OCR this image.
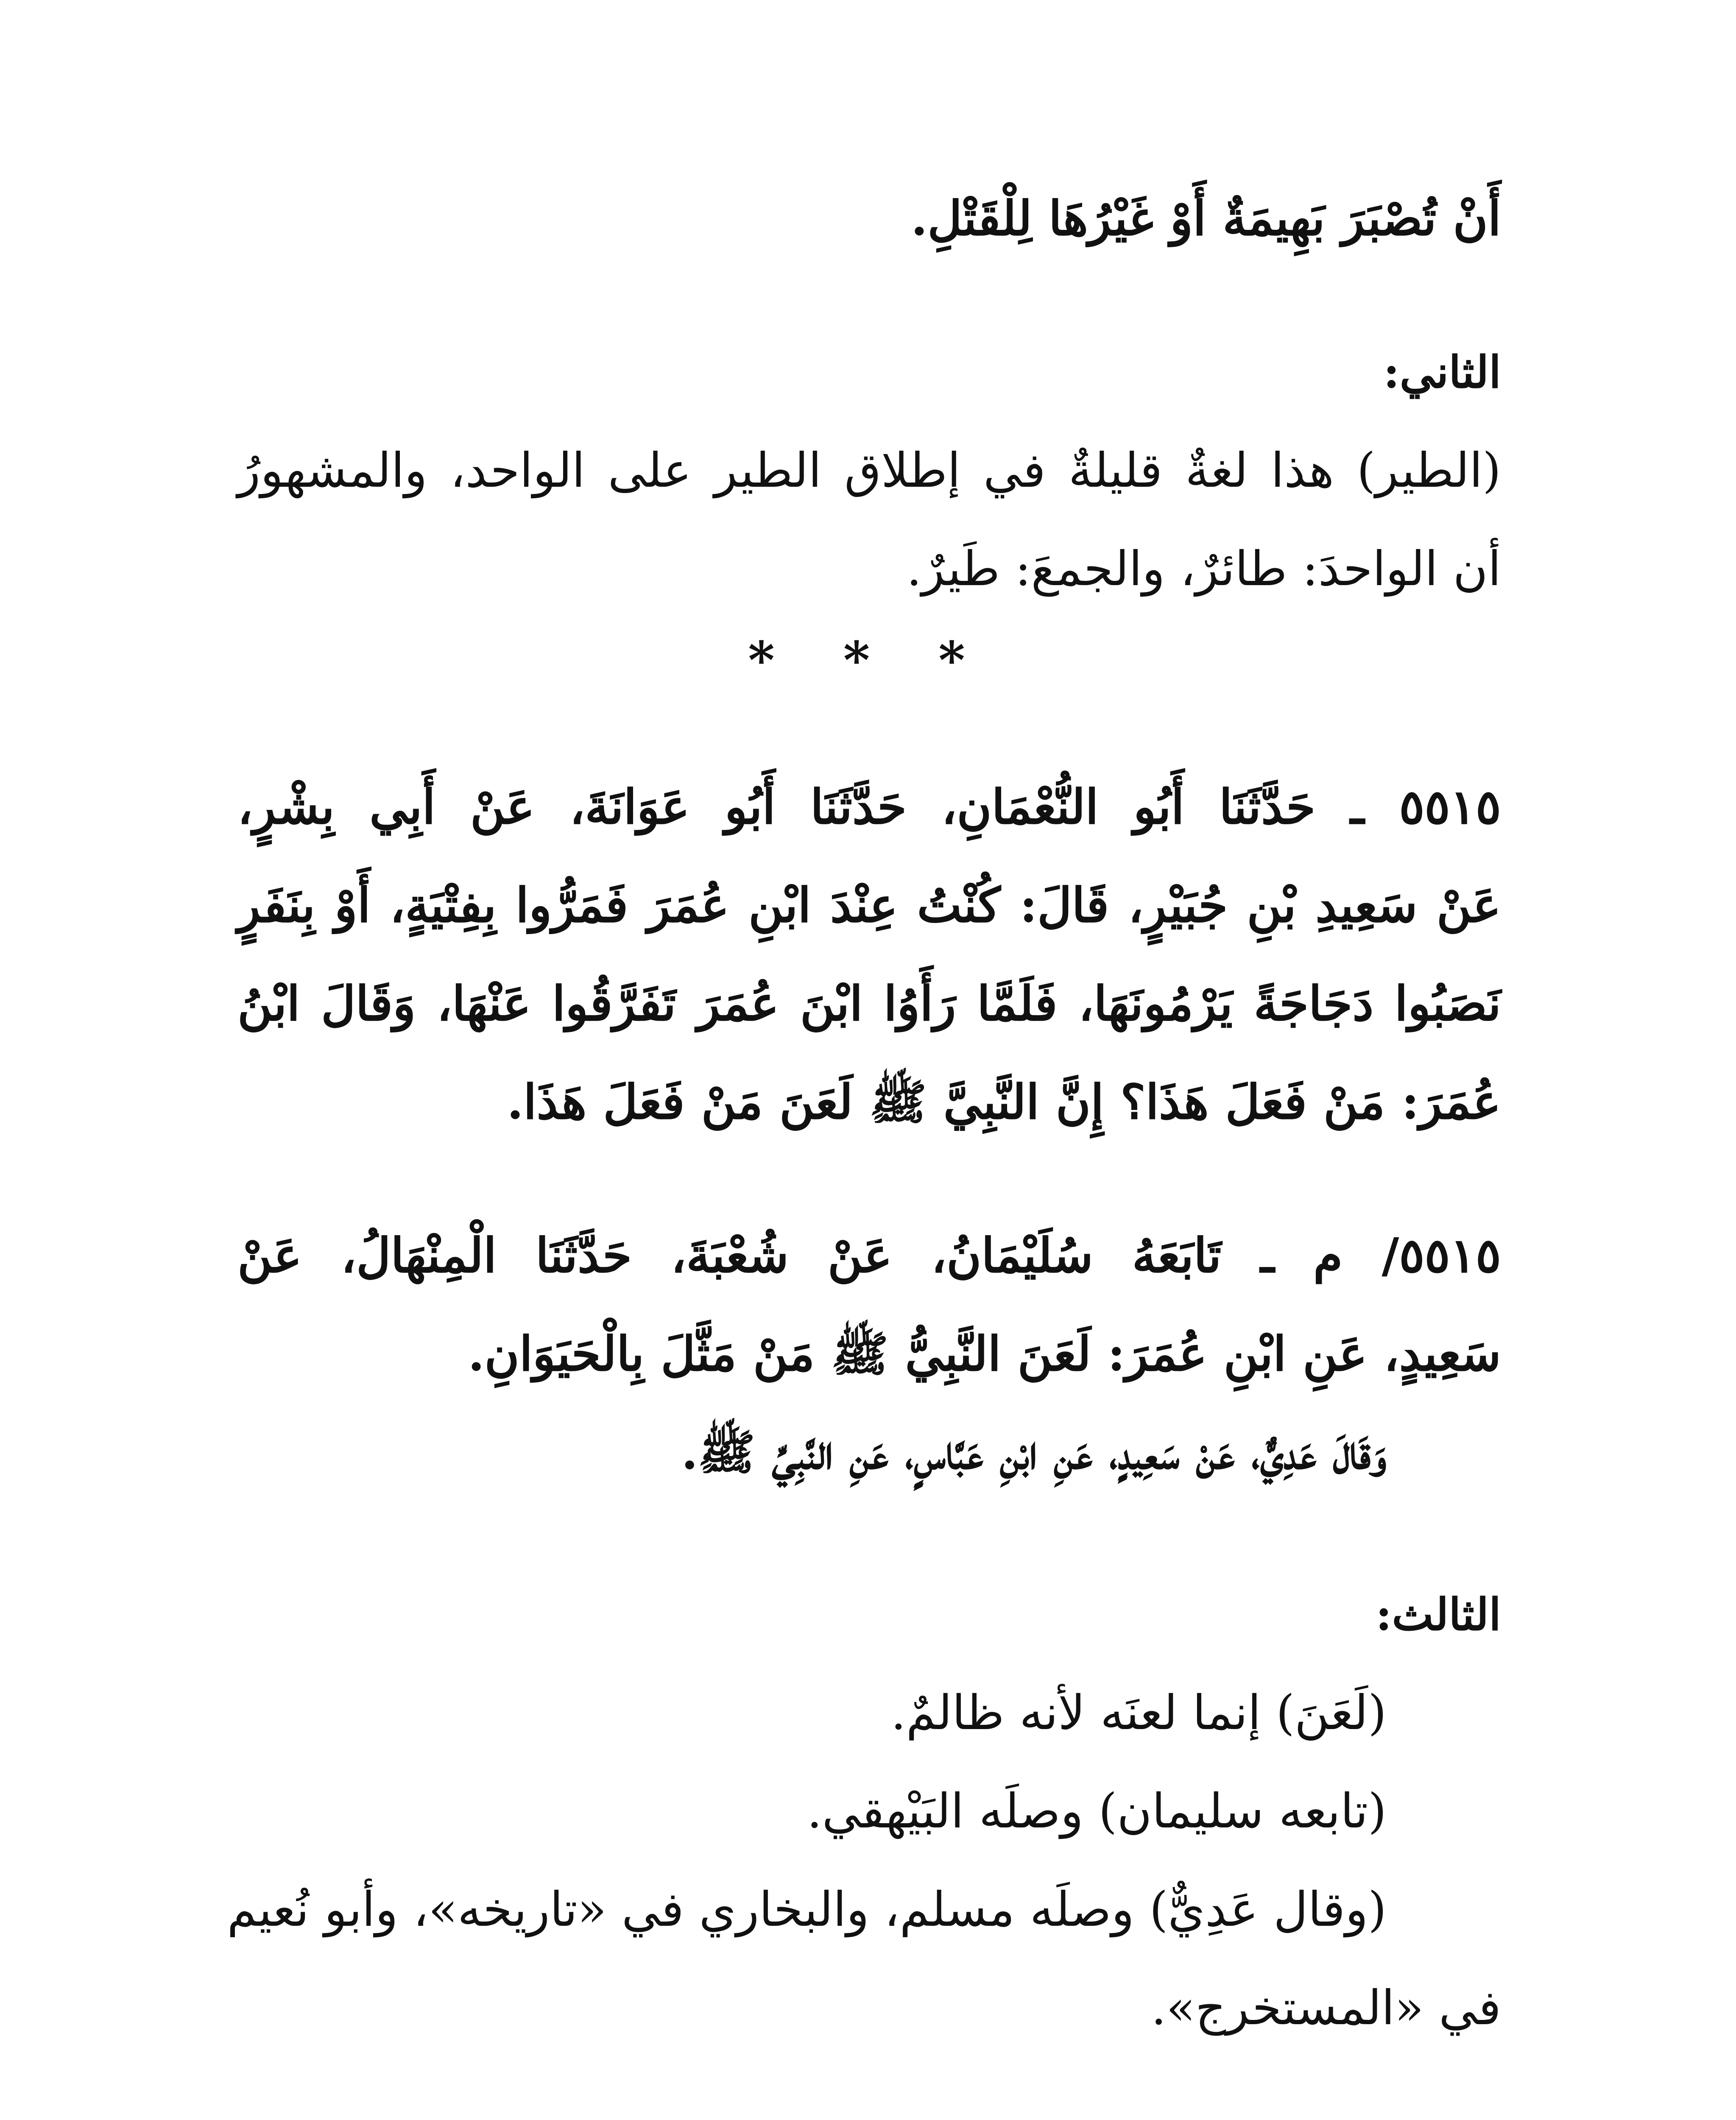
أَنْ تُصْبَرَ بَهِيمَةٌ أَوْ غَيْرُهَا لِلْقَتْلِ.
الثاني:
(الطير) هذا لغةٌ قليلةٌ في إطلاق الطير على الواحد، والمشهورُ
أن الواحدَ: طائرٌ، والجمعَ: طَيرٌ.
* * *
٥٥١٥ ـ حَدَّثَنَا أَبُو النُّعْمَانِ، حَدَّثَنَا أَبُو عَوَانَةَ، عَنْ أَبِي بِشْرٍ،
عَنْ سَعِيدِ بْنِ جُبَيْرٍ، قَالَ: كُنْتُ عِنْدَ ابْنِ عُمَرَ فَمَرُّوا بِفِتْيَةٍ، أَوْ بِنَفَرٍ
نَصَبُوا دَجَاجَةً يَرْمُونَهَا، فَلَمَّا رَأَوُا ابْنَ عُمَرَ تَفَرَّقُوا عَنْهَا، وَقَالَ ابْنُ
عُمَرَ: مَنْ فَعَلَ هَذَا؟ إِنَّ النَّبِيَّ ﷺ لَعَنَ مَنْ فَعَلَ هَذَا.
٥٥١٥/ م ـ تَابَعَهُ سُلَيْمَانُ، عَنْ شُعْبَةَ، حَدَّثَنَا الْمِنْهَالُ، عَنْ
سَعِيدٍ، عَنِ ابْنِ عُمَرَ: لَعَنَ النَّبِيُّ ﷺ مَنْ مَثَّلَ بِالْحَيَوَانِ.
وَقَالَ عَدِيٌّ، عَنْ سَعِيدٍ، عَنِ ابْنِ عَبَّاسٍ، عَنِ النَّبِيِّ ﷺ.
الثالث:
(لَعَنَ) إنما لعنَه لأنه ظالمٌ.
(تابعه سليمان) وصلَه البَيْهقي.
(وقال عَدِيٌّ) وصلَه مسلم، والبخاري في «تاريخه»، وأبو نُعيم
في «المستخرج».
